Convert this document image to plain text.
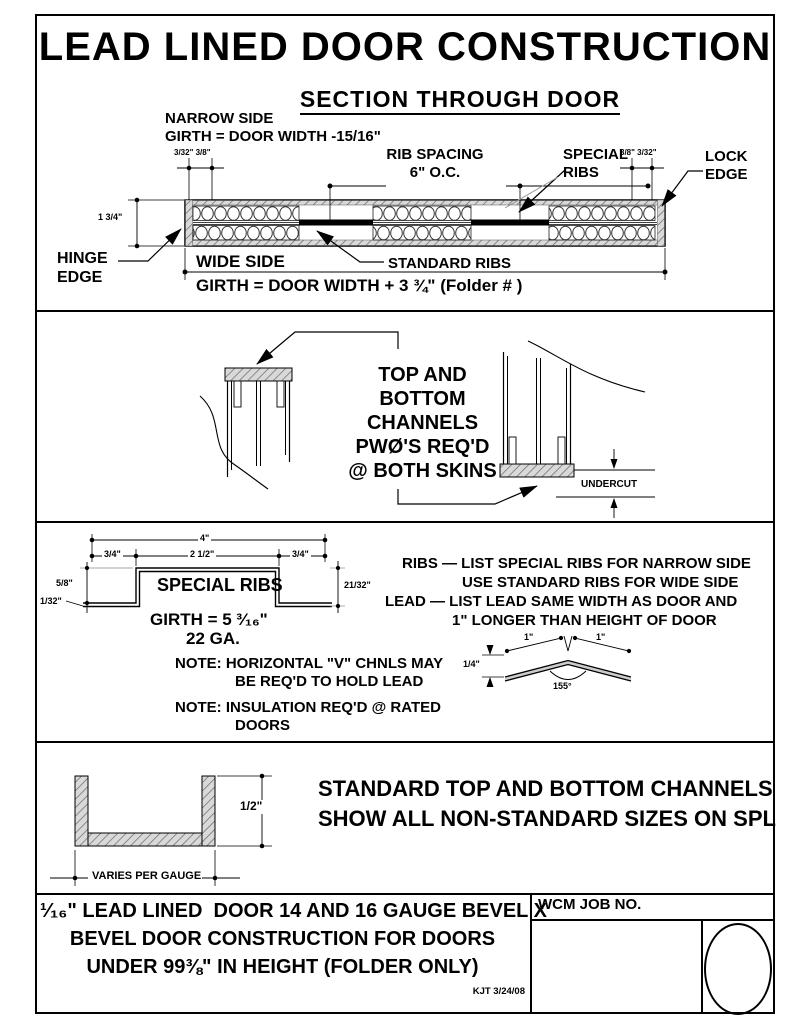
LEAD LINED DOOR CONSTRUCTION
SECTION THROUGH DOOR
NARROW SIDE
GIRTH = DOOR WIDTH -15/16"
3/32" 3/8"	RIB SPACING
6" O.C.
SPECIAL
RIBS
3/8" 3/32"	LOCK
EDGE
1 3/4"
HINGE
EDGE
WIDE SIDE	STANDARD RIBS
GIRTH = DOOR WIDTH + 3 ¾" (Folder # )
TOP AND
BOTTOM
CHANNELS
PWØ'S REQ'D
@ BOTH SKINS
UNDERCUT
4"
3/4"	2 1/2"	3/4"
5/8"
1/32"
21/32"
SPECIAL RIBS
GIRTH = 5 ³⁄₁₆"
22 GA.
RIBS — LIST SPECIAL RIBS FOR NARROW SIDE
USE STANDARD RIBS FOR WIDE SIDE
LEAD — LIST LEAD SAME WIDTH AS DOOR AND
1" LONGER THAN HEIGHT OF DOOR
NOTE: HORIZONTAL "V" CHNLS MAY
BE REQ'D TO HOLD LEAD
NOTE: INSULATION REQ'D @ RATED
DOORS
1"	1"
1/4"
155°
1/2"
VARIES PER GAUGE
STANDARD TOP AND BOTTOM CHANNELS
SHOW ALL NON-STANDARD SIZES ON SPL
¹⁄₁₆" LEAD LINED  DOOR 14 AND 16 GAUGE BEVEL X
BEVEL DOOR CONSTRUCTION FOR DOORS
UNDER 99⅜" IN HEIGHT (FOLDER ONLY)
KJT 3/24/08
WCM JOB NO.
